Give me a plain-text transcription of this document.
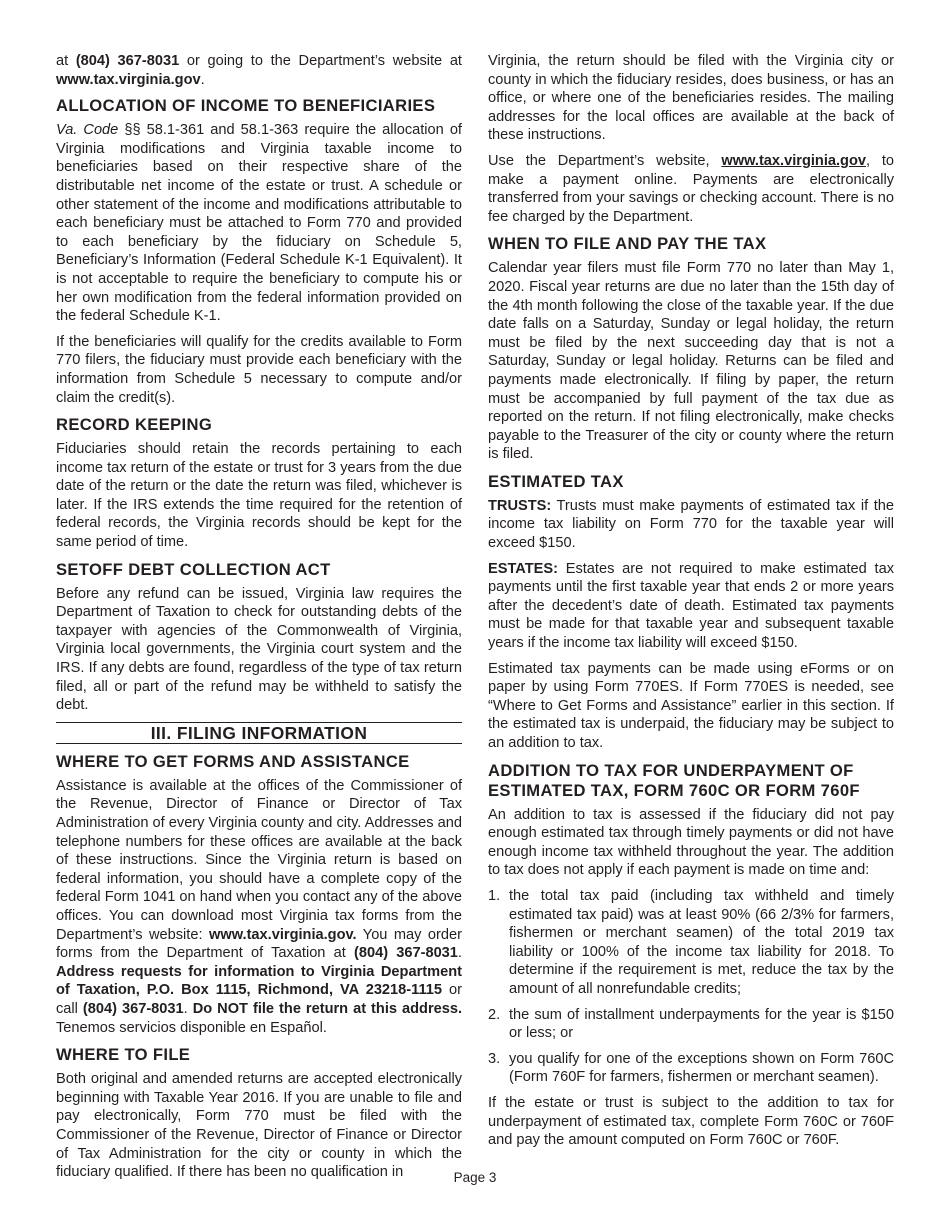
at (804) 367-8031 or going to the Department’s website at www.tax.virginia.gov.

ALLOCATION OF INCOME TO BENEFICIARIES

Va. Code §§ 58.1-361 and 58.1-363 require the allocation of Virginia modifications and Virginia taxable income to beneficiaries based on their respective share of the distributable net income of the estate or trust. A schedule or other statement of the income and modifications attributable to each beneficiary must be attached to Form 770 and provided to each beneficiary by the fiduciary on Schedule 5, Beneficiary’s Information (Federal Schedule K-1 Equivalent). It is not acceptable to require the beneficiary to compute his or her own modification from the federal information provided on the federal Schedule K-1.

If the beneficiaries will qualify for the credits available to Form 770 filers, the fiduciary must provide each beneficiary with the information from Schedule 5 necessary to compute and/or claim the credit(s).

RECORD KEEPING

Fiduciaries should retain the records pertaining to each income tax return of the estate or trust for 3 years from the due date of the return or the date the return was filed, whichever is later. If the IRS extends the time required for the retention of federal records, the Virginia records should be kept for the same period of time.

SETOFF DEBT COLLECTION ACT

Before any refund can be issued, Virginia law requires the Department of Taxation to check for outstanding debts of the taxpayer with agencies of the Commonwealth of Virginia, Virginia local governments, the Virginia court system and the IRS. If any debts are found, regardless of the type of tax return filed, all or part of the refund may be withheld to satisfy the debt.

III. FILING INFORMATION
WHERE TO GET FORMS AND ASSISTANCE

Assistance is available at the offices of the Commissioner of the Revenue, Director of Finance or Director of Tax Administration of every Virginia county and city. Addresses and telephone numbers for these offices are available at the back of these instructions. Since the Virginia return is based on federal information, you should have a complete copy of the federal Form 1041 on hand when you contact any of the above offices. You can download most Virginia tax forms from the Department’s website: www.tax.virginia.gov. You may order forms from the Department of Taxation at (804) 367-8031. Address requests for information to Virginia Department of Taxation, P.O. Box 1115, Richmond, VA 23218-1115 or call (804) 367-8031. Do NOT file the return at this address. Tenemos servicios disponible en Español.

WHERE TO FILE

Both original and amended returns are accepted electronically beginning with Taxable Year 2016. If you are unable to file and pay electronically, Form 770 must be filed with the Commissioner of the Revenue, Director of Finance or Director of Tax Administration for the city or county in which the fiduciary qualified. If there has been no qualification in

Virginia, the return should be filed with the Virginia city or county in which the fiduciary resides, does business, or has an office, or where one of the beneficiaries resides. The mailing addresses for the local offices are available at the back of these instructions.

Use the Department’s website, www.tax.virginia.gov, to make a payment online. Payments are electronically transferred from your savings or checking account. There is no fee charged by the Department.

WHEN TO FILE AND PAY THE TAX

Calendar year filers must file Form 770 no later than May 1, 2020. Fiscal year returns are due no later than the 15th day of the 4th month following the close of the taxable year. If the due date falls on a Saturday, Sunday or legal holiday, the return must be filed by the next succeeding day that is not a Saturday, Sunday or legal holiday. Returns can be filed and payments made electronically. If filing by paper, the return must be accompanied by full payment of the tax due as reported on the return. If not filing electronically, make checks payable to the Treasurer of the city or county where the return is filed.

ESTIMATED TAX

TRUSTS: Trusts must make payments of estimated tax if the income tax liability on Form 770 for the taxable year will exceed $150.

ESTATES: Estates are not required to make estimated tax payments until the first taxable year that ends 2 or more years after the decedent’s date of death. Estimated tax payments must be made for that taxable year and subsequent taxable years if the income tax liability will exceed $150.

Estimated tax payments can be made using eForms or on paper by using Form 770ES. If Form 770ES is needed, see “Where to Get Forms and Assistance” earlier in this section. If the estimated tax is underpaid, the fiduciary may be subject to an addition to tax.

ADDITION TO TAX FOR UNDERPAYMENT OF
ESTIMATED TAX, FORM 760C OR FORM 760F

An addition to tax is assessed if the fiduciary did not pay enough estimated tax through timely payments or did not have enough income tax withheld throughout the year. The addition to tax does not apply if each payment is made on time and:

1. the total tax paid (including tax withheld and timely estimated tax paid) was at least 90% (66 2/3% for farmers, fishermen or merchant seamen) of the total 2019 tax liability or 100% of the income tax liability for 2018. To determine if the requirement is met, reduce the tax by the amount of all nonrefundable credits;
2. the sum of installment underpayments for the year is $150 or less; or
3. you qualify for one of the exceptions shown on Form 760C (Form 760F for farmers, fishermen or merchant seamen).

If the estate or trust is subject to the addition to tax for underpayment of estimated tax, complete Form 760C or 760F and pay the amount computed on Form 760C or 760F.

Page 3
